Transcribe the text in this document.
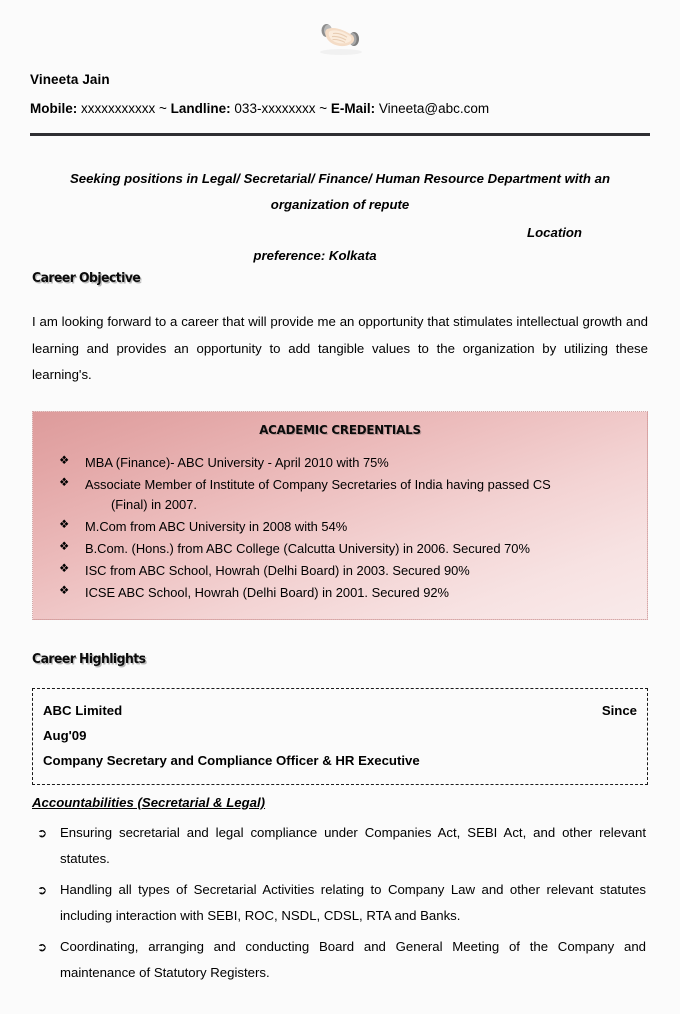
Vineeta Jain
Mobile: xxxxxxxxxxx ~ Landline: 033-xxxxxxxx ~ E-Mail: Vineeta@abc.com
Seeking positions in Legal/ Secretarial/ Finance/ Human Resource Department with an organization of repute
Location
preference: Kolkata
Career Objective
I am looking forward to a career that will provide me an opportunity that stimulates intellectual growth and learning and provides an opportunity to add tangible values to the organization by utilizing these learning's.
ACADEMIC CREDENTIALS
❖ MBA (Finance)- ABC University - April 2010 with 75%
❖ Associate Member of Institute of Company Secretaries of India having passed CS
(Final) in 2007.
❖ M.Com from ABC University in 2008 with 54%
❖ B.Com. (Hons.) from ABC College (Calcutta University) in 2006. Secured 70%
❖ ISC from ABC School, Howrah (Delhi Board) in 2003. Secured 90%
❖ ICSE ABC School, Howrah (Delhi Board) in 2001. Secured 92%
Career Highlights
ABC Limited	Since
Aug'09
Company Secretary and Compliance Officer & HR Executive
Accountabilities (Secretarial & Legal)
➲ Ensuring secretarial and legal compliance under Companies Act, SEBI Act, and other relevant statutes.
➲ Handling all types of Secretarial Activities relating to Company Law and other relevant statutes including interaction with SEBI, ROC, NSDL, CDSL, RTA and Banks.
➲ Coordinating, arranging and conducting Board and General Meeting of the Company and maintenance of Statutory Registers.
